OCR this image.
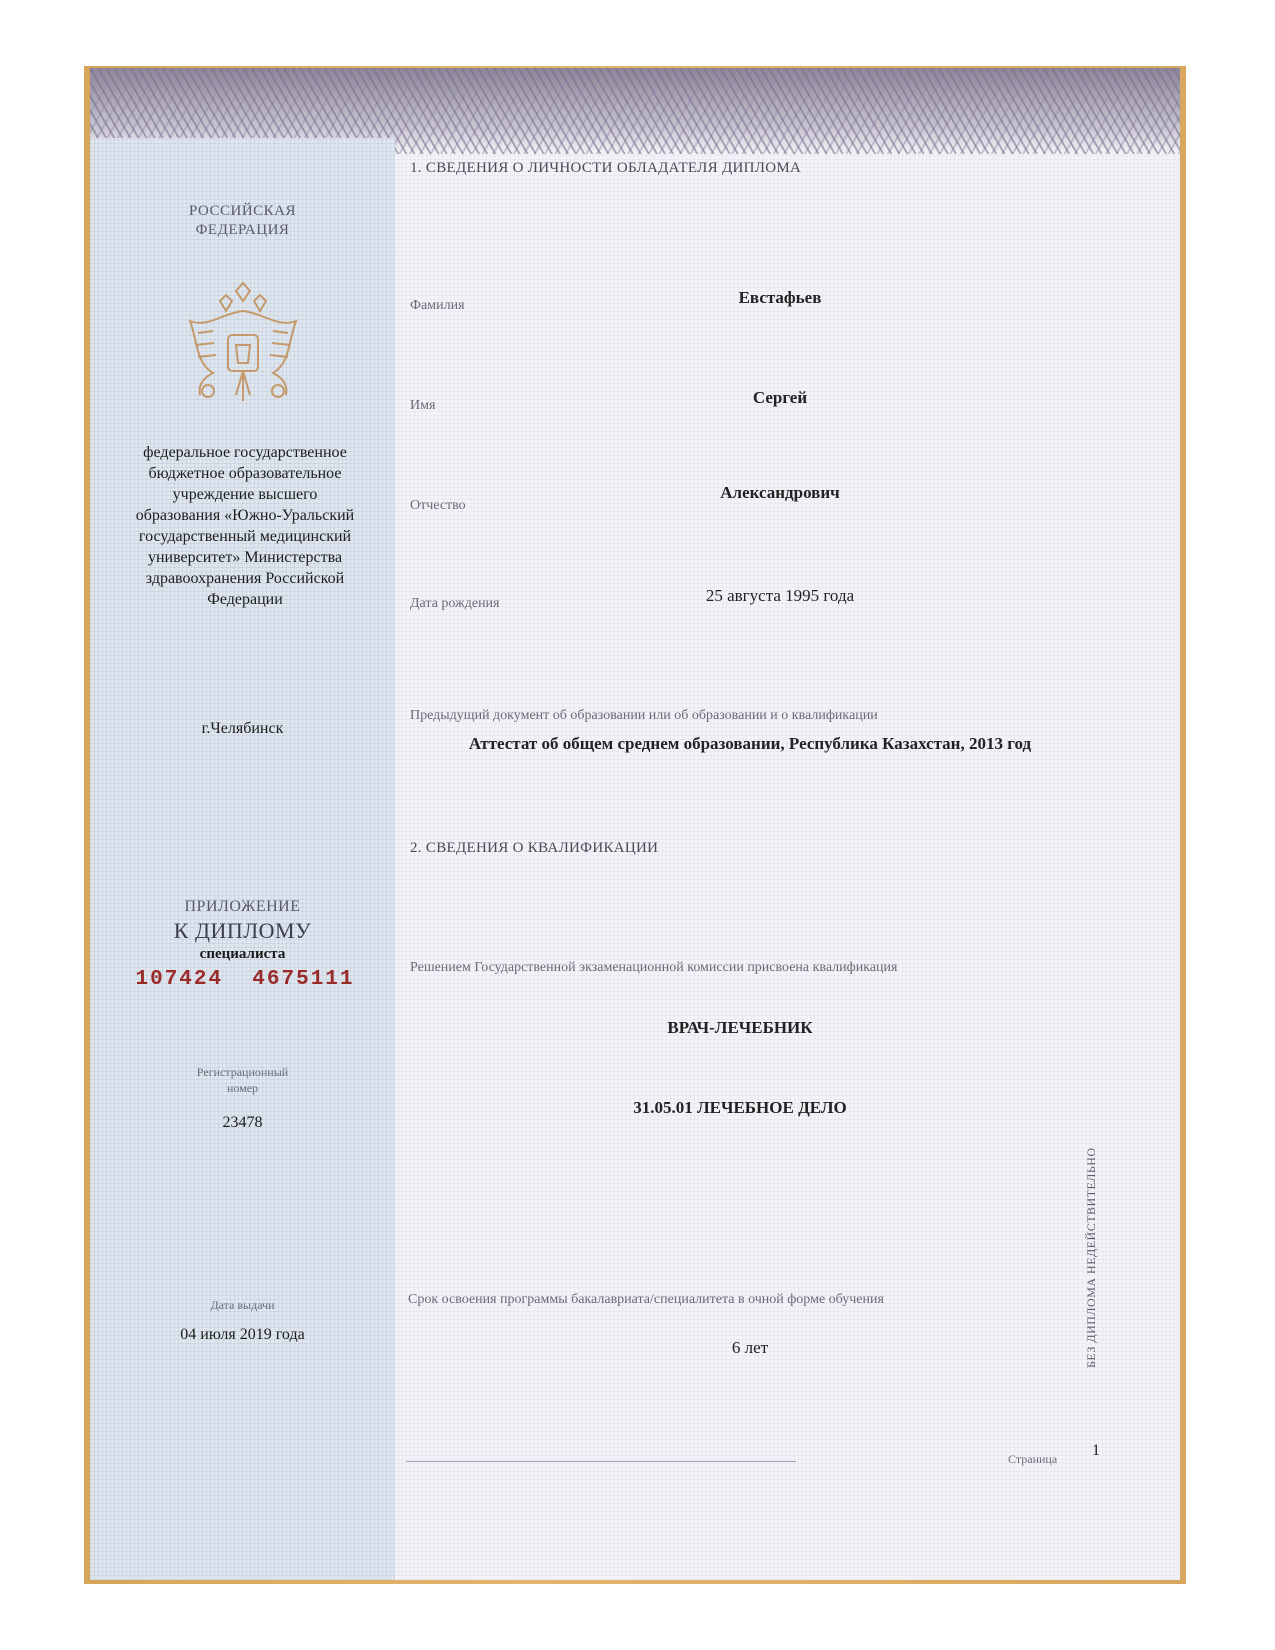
РОССИЙСКАЯ
ФЕДЕРАЦИЯ
федеральное государственное
бюджетное образовательное
учреждение высшего
образования «Южно-Уральский
государственный медицинский
университет» Министерства
здравоохранения Российской
Федерации
г.Челябинск
ПРИЛОЖЕНИЕ
К ДИПЛОМУ
специалиста
107424  4675111
Регистрационный
номер
23478
Дата выдачи
04 июля 2019 года
1. СВЕДЕНИЯ О ЛИЧНОСТИ ОБЛАДАТЕЛЯ ДИПЛОМА
Фамилия	Евстафьев
Имя	Сергей
Отчество
Александрович
Дата рождения	25 августа 1995 года
Предыдущий документ об образовании или об образовании и о квалификации
Аттестат об общем среднем образовании, Республика Казахстан, 2013 год
2. СВЕДЕНИЯ О КВАЛИФИКАЦИИ
Решением Государственной экзаменационной комиссии присвоена квалификация
ВРАЧ-ЛЕЧЕБНИК
31.05.01 ЛЕЧЕБНОЕ ДЕЛО
Срок освоения программы бакалавриата/специалитета в очной форме обучения
6 лет	БЕЗ ДИПЛОМА НЕДЕЙСТВИТЕЛЬНО
Страница 1
